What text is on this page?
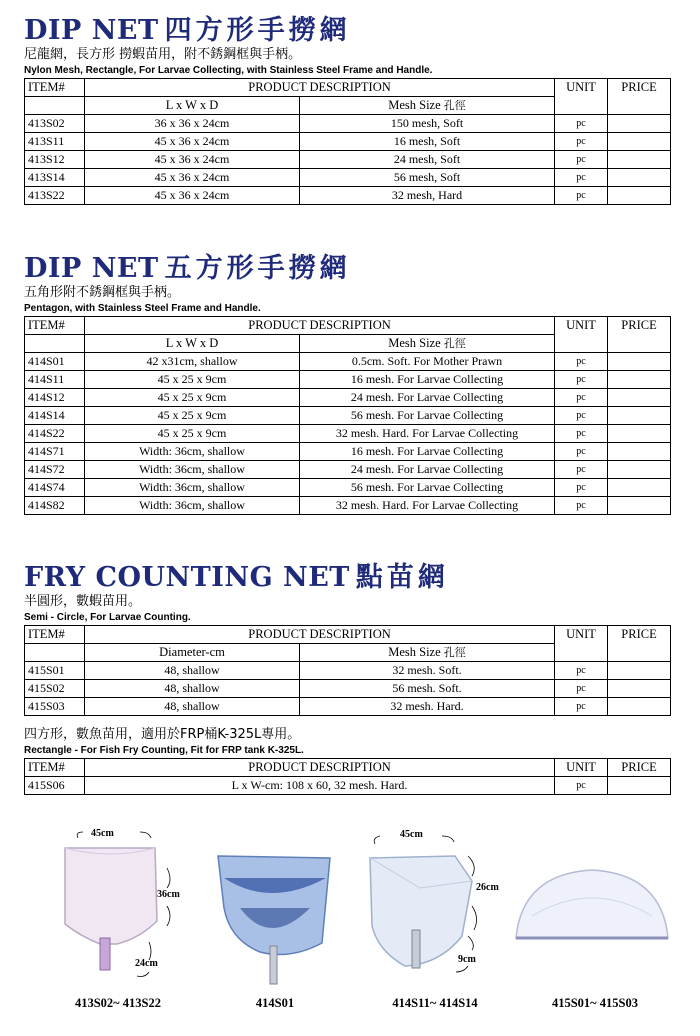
DIP NET 四方形手撈網
尼龍網，長方形 撈蝦苗用，附不銹鋼框與手柄。
Nylon Mesh, Rectangle, For Larvae Collecting, with Stainless Steel Frame and Handle.
ITEM#	PRODUCT DESCRIPTION		UNIT	PRICE
	L x W x D	Mesh Size 孔徑		
413S02	36 x 36 x 24cm	150 mesh, Soft	pc	
413S11	45 x 36 x 24cm	16 mesh, Soft	pc	
413S12	45 x 36 x 24cm	24 mesh, Soft	pc	
413S14	45 x 36 x 24cm	56 mesh, Soft	pc	
413S22	45 x 36 x 24cm	32 mesh, Hard	pc	
DIP NET 五方形手撈網
五角形附不銹鋼框與手柄。
Pentagon, with Stainless Steel Frame and Handle.
ITEM#	PRODUCT DESCRIPTION		UNIT	PRICE
	L x W x D	Mesh Size 孔徑		
414S01	42 x31cm, shallow	0.5cm. Soft. For Mother Prawn	pc	
414S11	45 x 25 x 9cm	16 mesh. For Larvae Collecting	pc	
414S12	45 x 25 x 9cm	24 mesh. For Larvae Collecting	pc	
414S14	45 x 25 x 9cm	56 mesh. For Larvae Collecting	pc	
414S22	45 x 25 x 9cm	32 mesh. Hard. For Larvae Collecting	pc	
414S71	Width: 36cm, shallow	16 mesh. For Larvae Collecting	pc	
414S72	Width: 36cm, shallow	24 mesh. For Larvae Collecting	pc	
414S74	Width: 36cm, shallow	56 mesh. For Larvae Collecting	pc	
414S82	Width: 36cm, shallow	32 mesh. Hard. For Larvae Collecting	pc	
FRY COUNTING NET 點苗網
半圓形，數蝦苗用。
Semi - Circle, For Larvae Counting.
ITEM#	PRODUCT DESCRIPTION		UNIT	PRICE
	Diameter-cm	Mesh Size 孔徑		
415S01	48, shallow	32 mesh. Soft.	pc	
415S02	48, shallow	56 mesh. Soft.	pc	
415S03	48, shallow	32 mesh. Hard.	pc	
四方形，數魚苗用，適用於FRP桶K-325L專用。
Rectangle - For Fish Fry Counting, Fit for FRP tank K-325L.
ITEM#	PRODUCT DESCRIPTION	UNIT	PRICE
415S06	L x W-cm: 108 x 60, 32 mesh. Hard.	pc	
45cm
36cm
24cm
413S02~ 413S22	414S01
45cm
26cm
9cm
414S11~ 414S14	415S01~ 415S03
